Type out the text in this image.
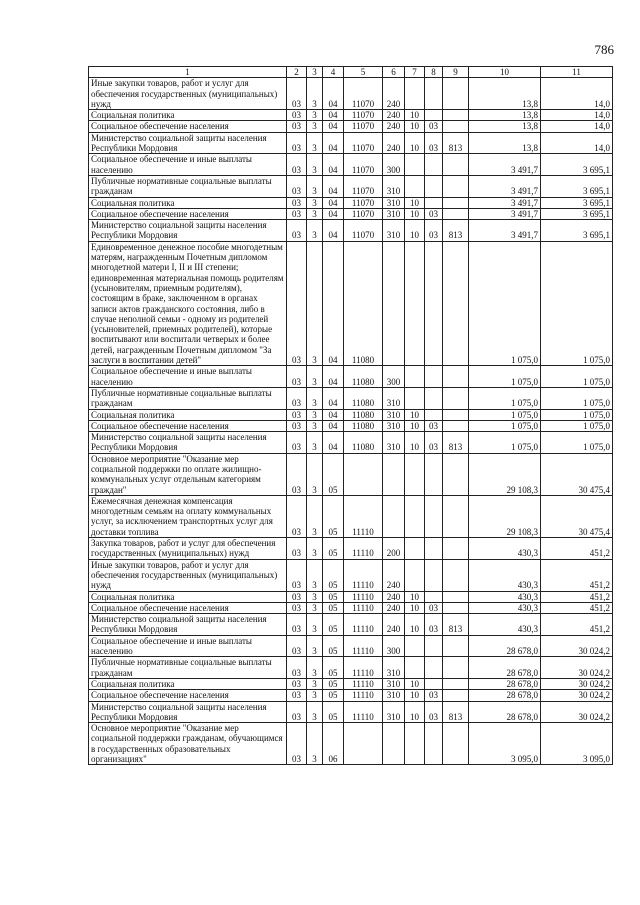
786
1	2	3	4	5	6	7	8	9	10	11
Иные закупки товаров, работ и услуг для обеспечения государственных (муниципальных) нужд	03	3	04	11070	240				13,8	14,0
Социальная политика	03	3	04	11070	240	10			13,8	14,0
Социальное обеспечение населения	03	3	04	11070	240	10	03		13,8	14,0
Министерство социальной защиты населения Республики Мордовия	03	3	04	11070	240	10	03	813	13,8	14,0
Социальное обеспечение и иные выплаты населению	03	3	04	11070	300				3 491,7	3 695,1
Публичные нормативные социальные выплаты гражданам	03	3	04	11070	310				3 491,7	3 695,1
Социальная политика	03	3	04	11070	310	10			3 491,7	3 695,1
Социальное обеспечение населения	03	3	04	11070	310	10	03		3 491,7	3 695,1
Министерство социальной защиты населения Республики Мордовия	03	3	04	11070	310	10	03	813	3 491,7	3 695,1
Единовременное денежное пособие многодетным матерям, награжденным Почетным дипломом многодетной матери I, II и III степени; единовременная материальная помощь родителям (усыновителям, приемным родителям), состоящим в браке, заключенном в органах записи актов гражданского состояния, либо в случае неполной семьи - одному из родителей (усыновителей, приемных родителей), которые воспитывают или воспитали четверых и более детей, награжденным Почетным дипломом "За заслуги в воспитании детей"	03	3	04	11080					1 075,0	1 075,0
Социальное обеспечение и иные выплаты населению	03	3	04	11080	300				1 075,0	1 075,0
Публичные нормативные социальные выплаты гражданам	03	3	04	11080	310				1 075,0	1 075,0
Социальная политика	03	3	04	11080	310	10			1 075,0	1 075,0
Социальное обеспечение населения	03	3	04	11080	310	10	03		1 075,0	1 075,0
Министерство социальной защиты населения Республики Мордовия	03	3	04	11080	310	10	03	813	1 075,0	1 075,0
Основное мероприятие "Оказание мер социальной поддержки по оплате жилищно-коммунальных услуг отдельным категориям граждан"	03	3	05						29 108,3	30 475,4
Ежемесячная денежная компенсация многодетным семьям на оплату коммунальных услуг, за исключением транспортных услуг для доставки топлива	03	3	05	11110					29 108,3	30 475,4
Закупка товаров, работ и услуг для обеспечения государственных (муниципальных) нужд	03	3	05	11110	200				430,3	451,2
Иные закупки товаров, работ и услуг для обеспечения государственных (муниципальных) нужд	03	3	05	11110	240				430,3	451,2
Социальная политика	03	3	05	11110	240	10			430,3	451,2
Социальное обеспечение населения	03	3	05	11110	240	10	03		430,3	451,2
Министерство социальной защиты населения Республики Мордовия	03	3	05	11110	240	10	03	813	430,3	451,2
Социальное обеспечение и иные выплаты населению	03	3	05	11110	300				28 678,0	30 024,2
Публичные нормативные социальные выплаты гражданам	03	3	05	11110	310				28 678,0	30 024,2
Социальная политика	03	3	05	11110	310	10			28 678,0	30 024,2
Социальное обеспечение населения	03	3	05	11110	310	10	03		28 678,0	30 024,2
Министерство социальной защиты населения Республики Мордовия	03	3	05	11110	310	10	03	813	28 678,0	30 024,2
Основное мероприятие "Оказание мер социальной поддержки гражданам, обучающимся в государственных образовательных организациях"	03	3	06						3 095,0	3 095,0
